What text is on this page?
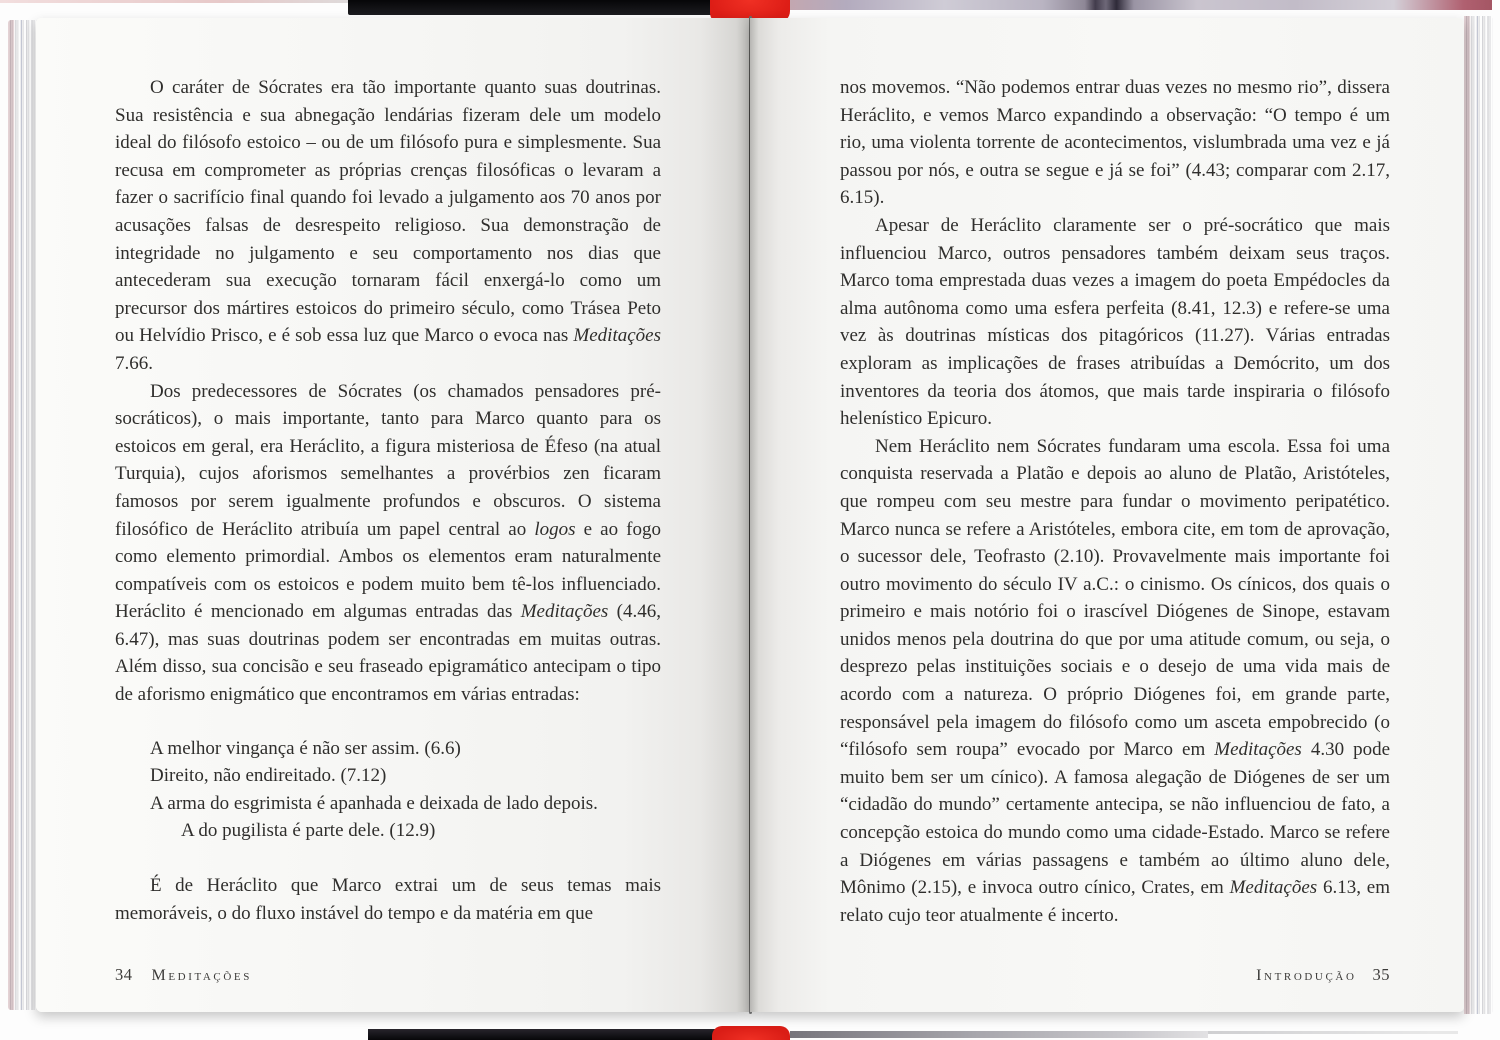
O caráter de Sócrates era tão importante quanto suas doutrinas. Sua resistência e sua abnegação lendárias fizeram dele um modelo ideal do filósofo estoico – ou de um filósofo pura e simplesmente. Sua recusa em comprometer as próprias crenças filosóficas o levaram a fazer o sacrifício final quando foi levado a julgamento aos 70 anos por acusações falsas de desrespeito religioso. Sua demonstração de integridade no julgamento e seu comportamento nos dias que antecederam sua execução tornaram fácil enxergá-lo como um precursor dos mártires estoicos do primeiro século, como Trásea Peto ou Helvídio Prisco, e é sob essa luz que Marco o evoca nas Meditações 7.66.
Dos predecessores de Sócrates (os chamados pensadores pré-socráticos), o mais importante, tanto para Marco quanto para os estoicos em geral, era Heráclito, a figura misteriosa de Éfeso (na atual Turquia), cujos aforismos semelhantes a provérbios zen ficaram famosos por serem igualmente profundos e obscuros. O sistema filosófico de Heráclito atribuía um papel central ao logos e ao fogo como elemento primordial. Ambos os elementos eram naturalmente compatíveis com os estoicos e podem muito bem tê-los influenciado. Heráclito é mencionado em algumas entradas das Meditações (4.46, 6.47), mas suas doutrinas podem ser encontradas em muitas outras. Além disso, sua concisão e seu fraseado epigramático antecipam o tipo de aforismo enigmático que encontramos em várias entradas:
A melhor vingança é não ser assim. (6.6)
Direito, não endireitado. (7.12)
A arma do esgrimista é apanhada e deixada de lado depois.
A do pugilista é parte dele. (12.9)
É de Heráclito que Marco extrai um de seus temas mais memoráveis, o do fluxo instável do tempo e da matéria em que
34 Meditações
nos movemos. “Não podemos entrar duas vezes no mesmo rio”, dissera Heráclito, e vemos Marco expandindo a observação: “O tempo é um rio, uma violenta torrente de acontecimentos, vislumbrada uma vez e já passou por nós, e outra se segue e já se foi” (4.43; comparar com 2.17, 6.15).
Apesar de Heráclito claramente ser o pré-socrático que mais influenciou Marco, outros pensadores também deixam seus traços. Marco toma emprestada duas vezes a imagem do poeta Empédocles da alma autônoma como uma esfera perfeita (8.41, 12.3) e refere-se uma vez às doutrinas místicas dos pitagóricos (11.27). Várias entradas exploram as implicações de frases atribuídas a Demócrito, um dos inventores da teoria dos átomos, que mais tarde inspiraria o filósofo helenístico Epicuro.
Nem Heráclito nem Sócrates fundaram uma escola. Essa foi uma conquista reservada a Platão e depois ao aluno de Platão, Aristóteles, que rompeu com seu mestre para fundar o movimento peripatético. Marco nunca se refere a Aristóteles, embora cite, em tom de aprovação, o sucessor dele, Teofrasto (2.10). Provavelmente mais importante foi outro movimento do século IV a.C.: o cinismo. Os cínicos, dos quais o primeiro e mais notório foi o irascível Diógenes de Sinope, estavam unidos menos pela doutrina do que por uma atitude comum, ou seja, o desprezo pelas instituições sociais e o desejo de uma vida mais de acordo com a natureza. O próprio Diógenes foi, em grande parte, responsável pela imagem do filósofo como um asceta empobrecido (o “filósofo sem roupa” evocado por Marco em Meditações 4.30 pode muito bem ser um cínico). A famosa alegação de Diógenes de ser um “cidadão do mundo” certamente antecipa, se não influenciou de fato, a concepção estoica do mundo como uma cidade-Estado. Marco se refere a Diógenes em várias passagens e também ao último aluno dele, Mônimo (2.15), e invoca outro cínico, Crates, em Meditações 6.13, em relato cujo teor atualmente é incerto.
Introdução 35
